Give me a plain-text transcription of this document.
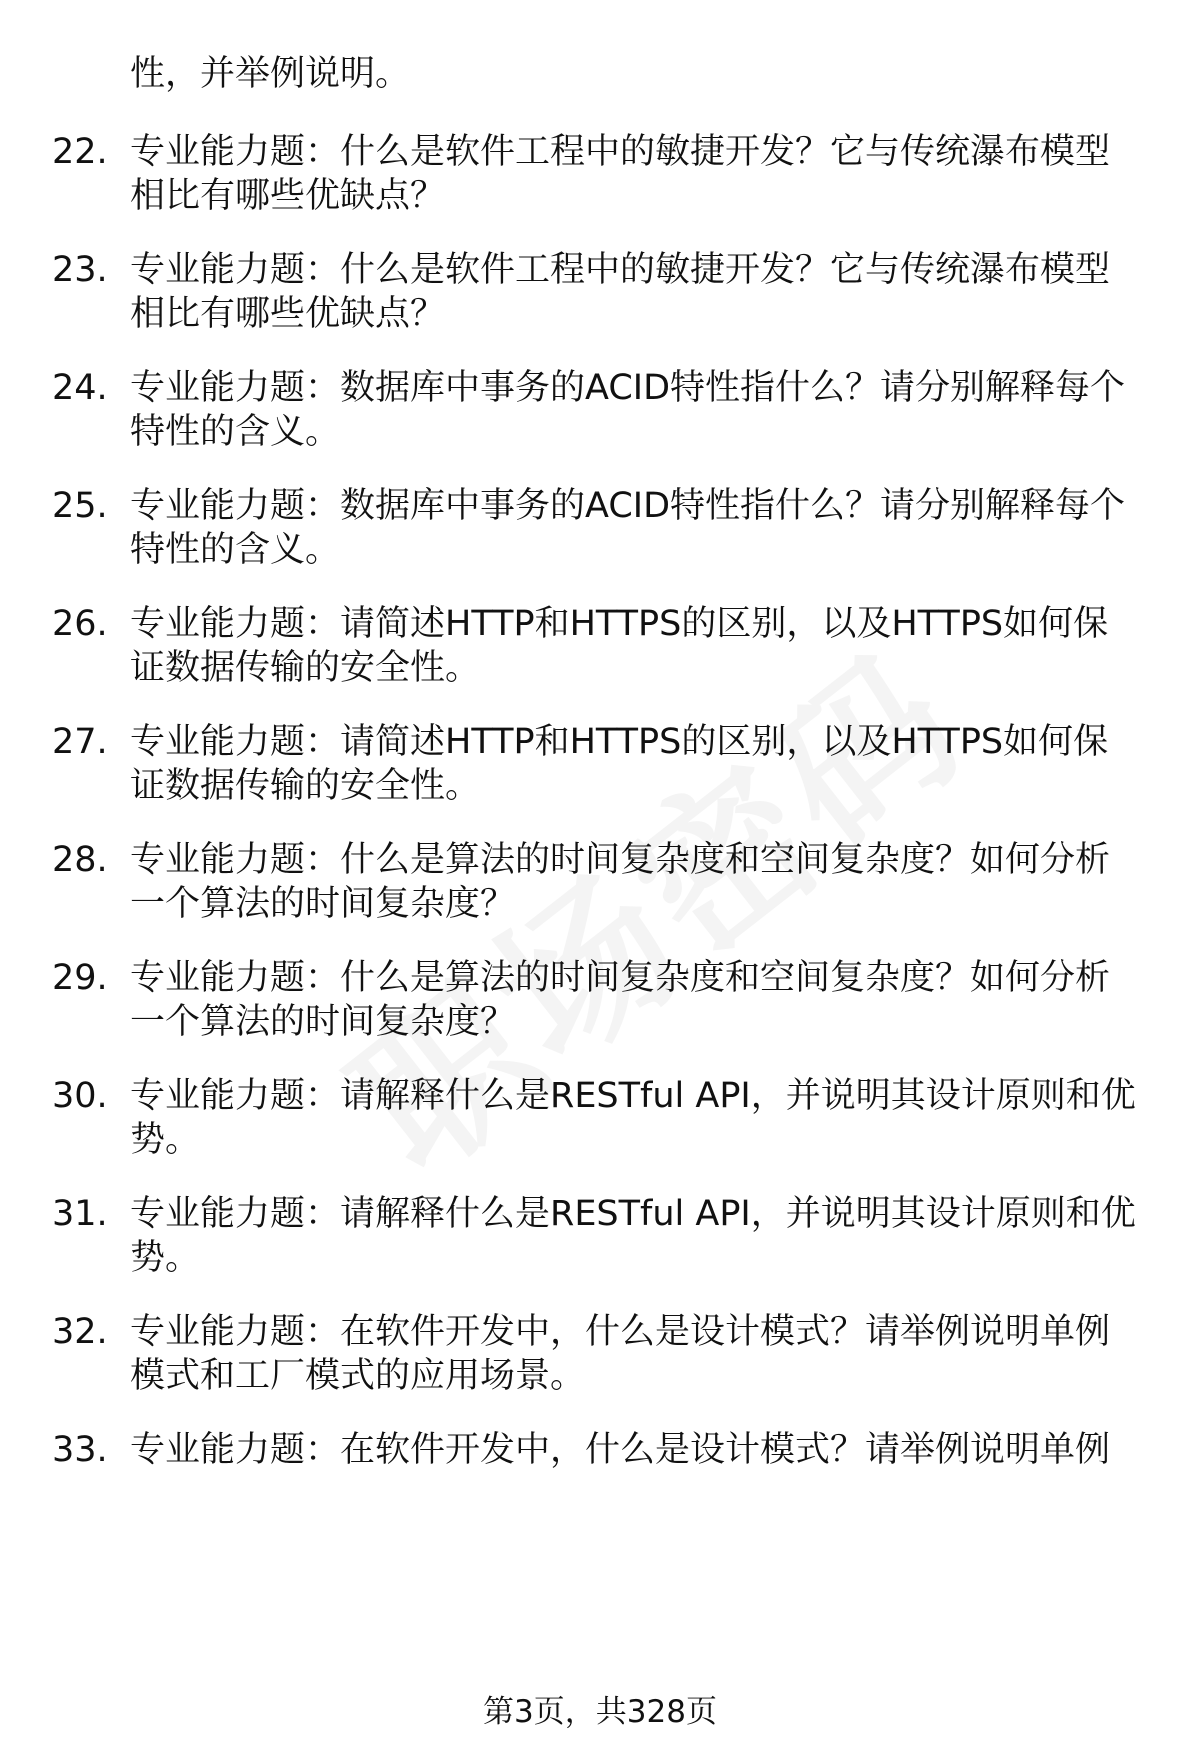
性，并举例说明。
22. 专业能力题：什么是软件工程中的敏捷开发？它与传统瀑布模型
相比有哪些优缺点？
23. 专业能力题：什么是软件工程中的敏捷开发？它与传统瀑布模型
相比有哪些优缺点？
24. 专业能力题：数据库中事务的ACID特性指什么？请分别解释每个
特性的含义。
25. 专业能力题：数据库中事务的ACID特性指什么？请分别解释每个
特性的含义。
26. 专业能力题：请简述HTTP和HTTPS的区别，以及HTTPS如何保
证数据传输的安全性。
27. 专业能力题：请简述HTTP和HTTPS的区别，以及HTTPS如何保
证数据传输的安全性。
28. 专业能力题：什么是算法的时间复杂度和空间复杂度？如何分析
一个算法的时间复杂度？
29. 专业能力题：什么是算法的时间复杂度和空间复杂度？如何分析
一个算法的时间复杂度？
30. 专业能力题：请解释什么是RESTful API，并说明其设计原则和优
势。
31. 专业能力题：请解释什么是RESTful API，并说明其设计原则和优
势。
32. 专业能力题：在软件开发中，什么是设计模式？请举例说明单例
模式和工厂模式的应用场景。
33. 专业能力题：在软件开发中，什么是设计模式？请举例说明单例
第3页，共328页
